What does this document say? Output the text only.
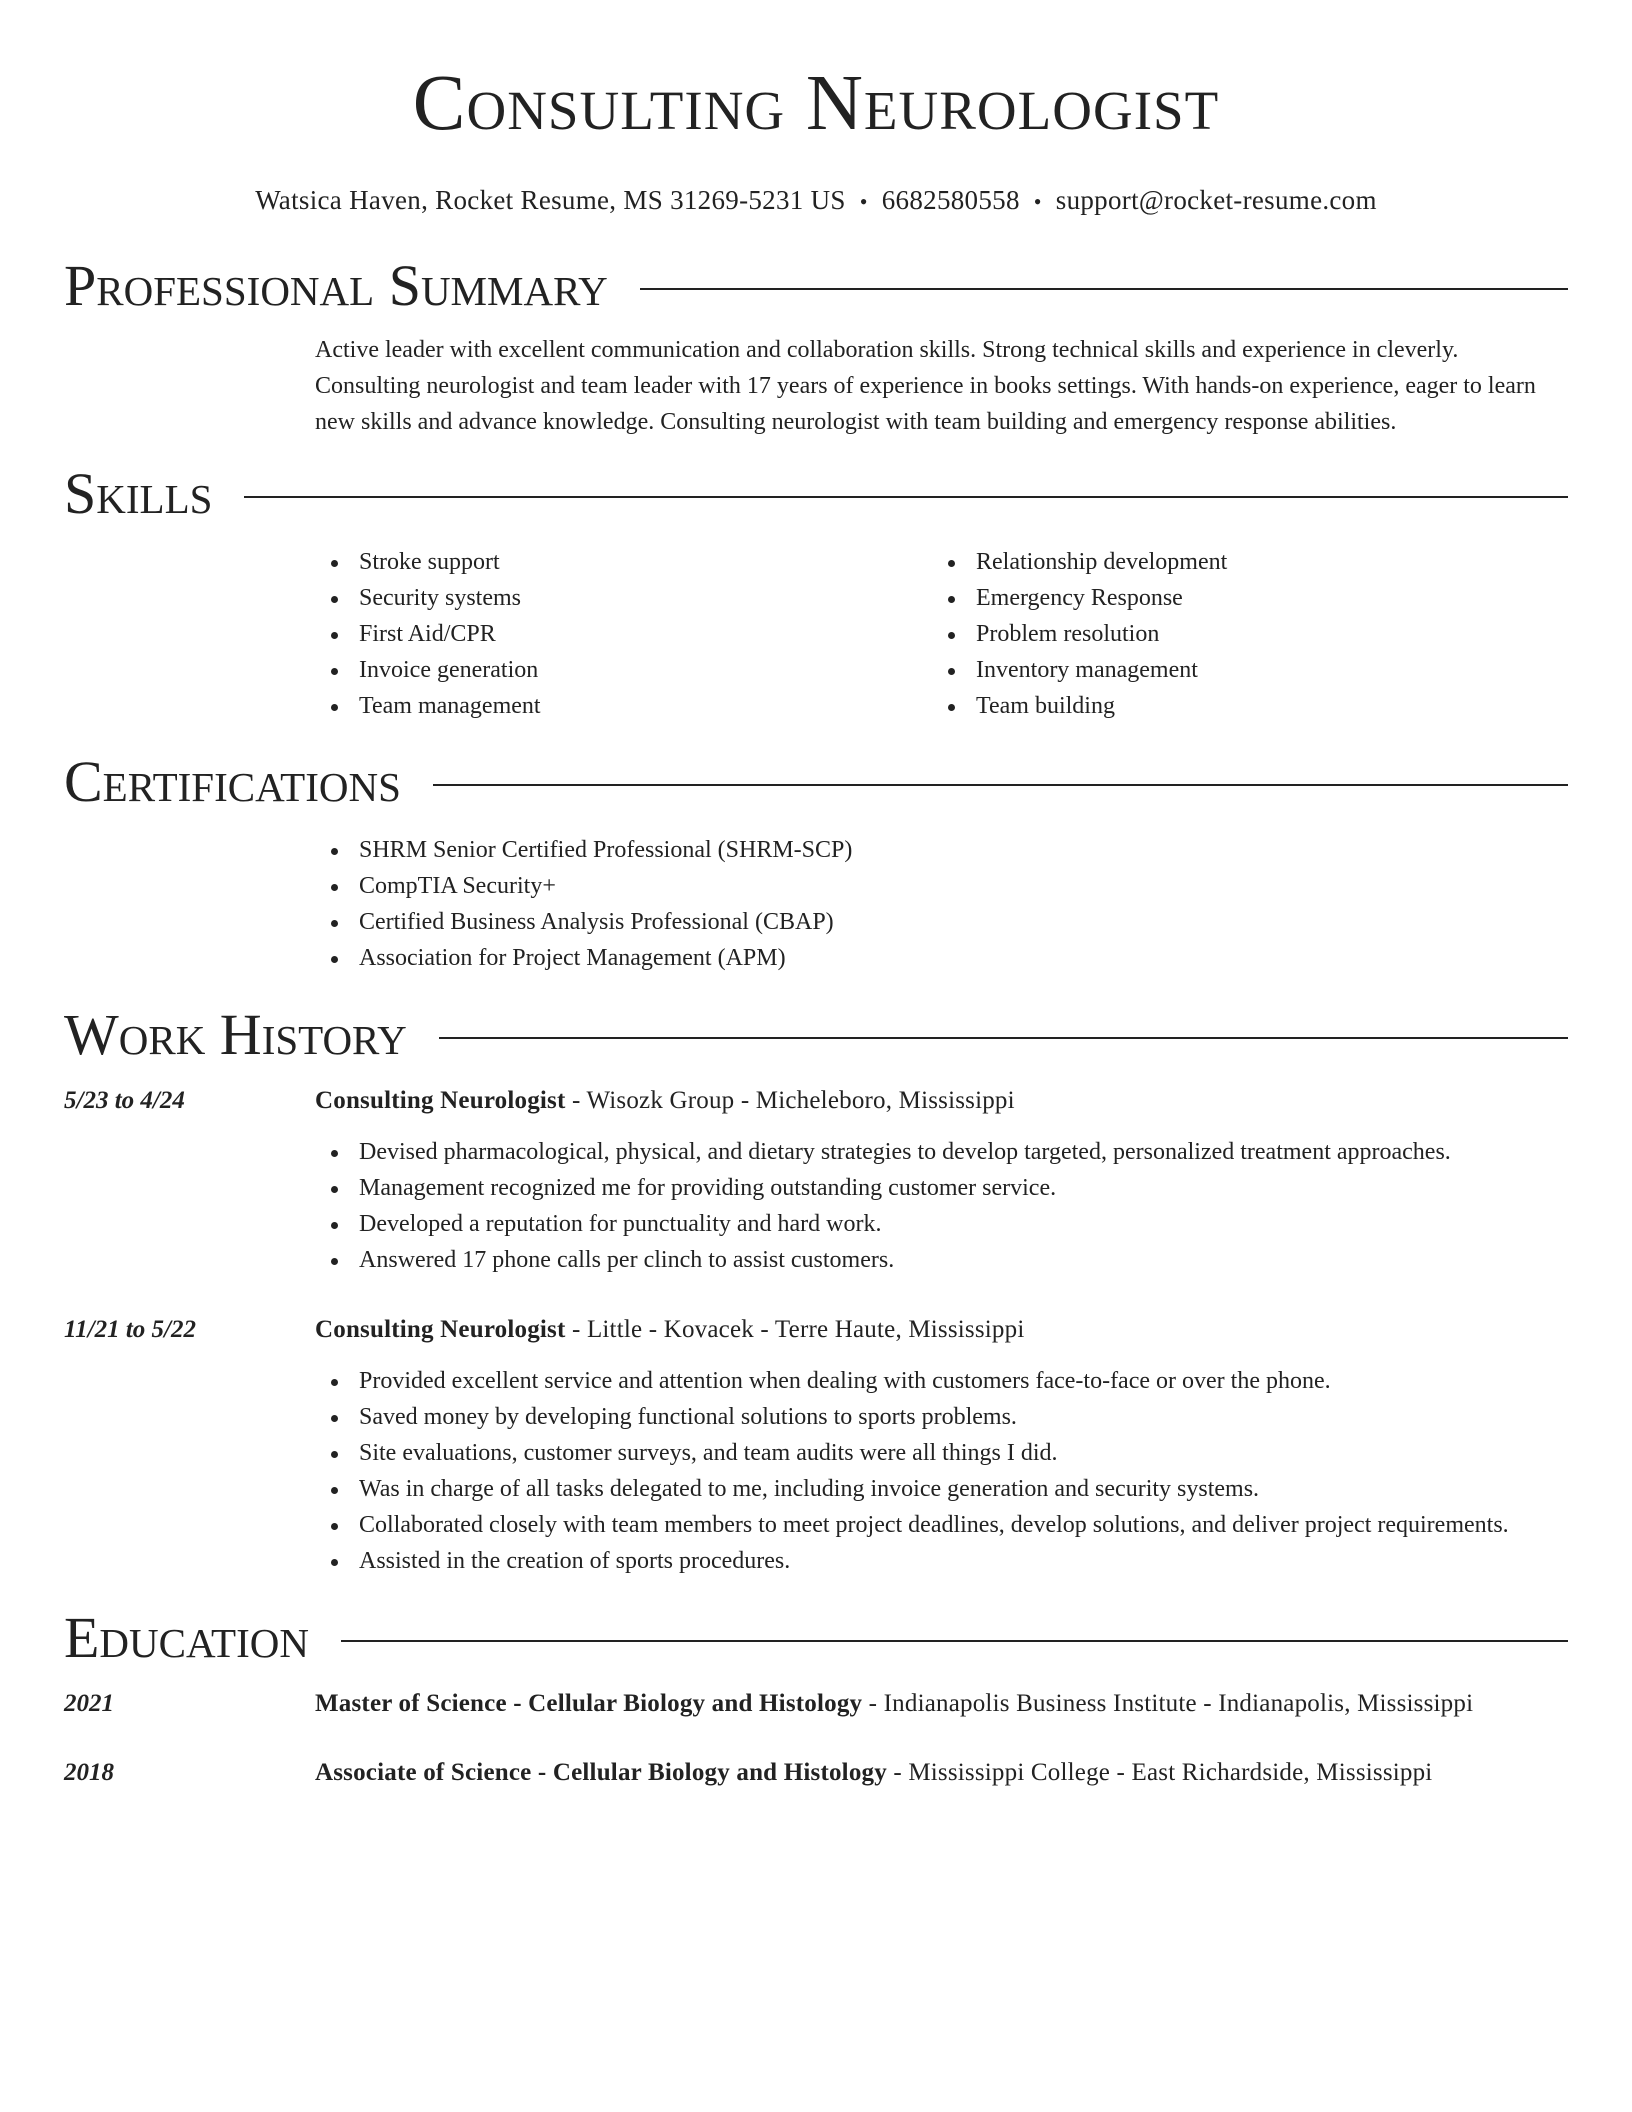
Consulting Neurologist
Watsica Haven, Rocket Resume, MS 31269-5231 US • 6682580558 • support@rocket-resume.com
Professional Summary

Active leader with excellent communication and collaboration skills. Strong technical skills and experience in cleverly. Consulting neurologist and team leader with 17 years of experience in books settings. With hands-on experience, eager to learn new skills and advance knowledge. Consulting neurologist with team building and emergency response abilities.

Skills
Stroke support
Security systems
First Aid/CPR
Invoice generation
Team management
Relationship development
Emergency Response
Problem resolution
Inventory management
Team building
Certifications
SHRM Senior Certified Professional (SHRM-SCP)
CompTIA Security+
Certified Business Analysis Professional (CBAP)
Association for Project Management (APM)
Work History
5/23 to 4/24	Consulting Neurologist - Wisozk Group - Micheleboro, Mississippi
Devised pharmacological, physical, and dietary strategies to develop targeted, personalized treatment approaches.
Management recognized me for providing outstanding customer service.
Developed a reputation for punctuality and hard work.
Answered 17 phone calls per clinch to assist customers.
11/21 to 5/22	Consulting Neurologist - Little - Kovacek - Terre Haute, Mississippi
Provided excellent service and attention when dealing with customers face-to-face or over the phone.
Saved money by developing functional solutions to sports problems.
Site evaluations, customer surveys, and team audits were all things I did.
Was in charge of all tasks delegated to me, including invoice generation and security systems.
Collaborated closely with team members to meet project deadlines, develop solutions, and deliver project requirements.
Assisted in the creation of sports procedures.
Education
2021	Master of Science - Cellular Biology and Histology - Indianapolis Business Institute - Indianapolis, Mississippi
2018	Associate of Science - Cellular Biology and Histology - Mississippi College - East Richardside, Mississippi
